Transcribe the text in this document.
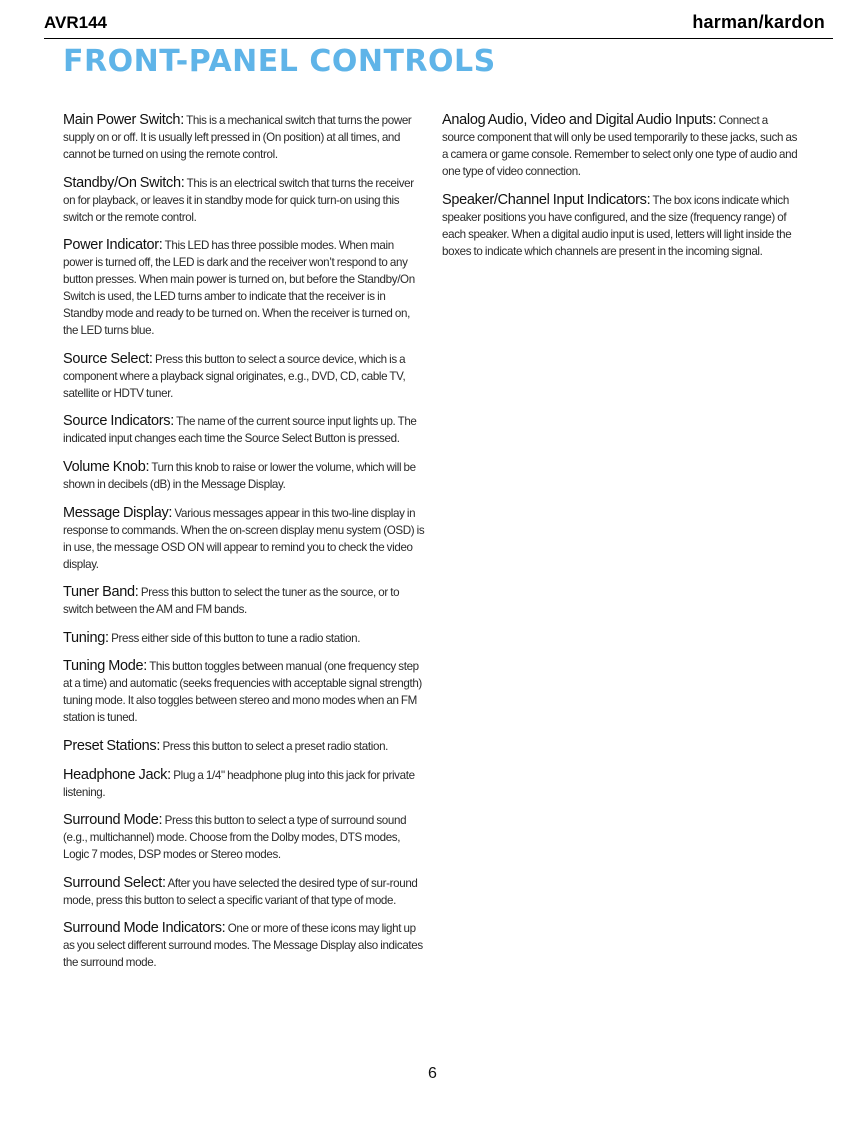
AVR144	harman/kardon
FRONT-PANEL CONTROLS

Main Power Switch: This is a mechanical switch that turns the power supply on or off. It is usually left pressed in (On position) at all times, and cannot be turned on using the remote control.

Standby/On Switch: This is an electrical switch that turns the receiver on for playback, or leaves it in standby mode for quick turn-on using this switch or the remote control.

Power Indicator: This LED has three possible modes. When main power is turned off, the LED is dark and the receiver won’t respond to any button presses. When main power is turned on, but before the Standby/On Switch is used, the LED turns amber to indicate that the receiver is in Standby mode and ready to be turned on. When the receiver is turned on, the LED turns blue.

Source Select: Press this button to select a source device, which is a component where a playback signal originates, e.g., DVD, CD, cable TV, satellite or HDTV tuner.

Source Indicators: The name of the current source input lights up. The indicated input changes each time the Source Select Button is pressed.

Volume Knob: Turn this knob to raise or lower the volume, which will be shown in decibels (dB) in the Message Display.

Message Display: Various messages appear in this two-line display in response to commands. When the on-screen display menu system (OSD) is in use, the message OSD ON will appear to remind you to check the video display.

Tuner Band: Press this button to select the tuner as the source, or to switch between the AM and FM bands.

Tuning: Press either side of this button to tune a radio station.

Tuning Mode: This button toggles between manual (one frequency step at a time) and automatic (seeks frequencies with acceptable signal strength) tuning mode. It also toggles between stereo and mono modes when an FM station is tuned.

Preset Stations: Press this button to select a preset radio station.

Headphone Jack: Plug a 1/4" headphone plug into this jack for private listening.

Surround Mode: Press this button to select a type of surround sound (e.g., multichannel) mode. Choose from the Dolby modes, DTS modes, Logic 7 modes, DSP modes or Stereo modes.

Surround Select: After you have selected the desired type of sur-round mode, press this button to select a specific variant of that type of mode.

Surround Mode Indicators: One or more of these icons may light up as you select different surround modes. The Message Display also indicates the surround mode.

Analog Audio, Video and Digital Audio Inputs: Connect a source component that will only be used temporarily to these jacks, such as a camera or game console. Remember to select only one type of audio and one type of video connection.

Speaker/Channel Input Indicators: The box icons indicate which speaker positions you have configured, and the size (frequency range) of each speaker. When a digital audio input is used, letters will light inside the boxes to indicate which channels are present in the incoming signal.

6
